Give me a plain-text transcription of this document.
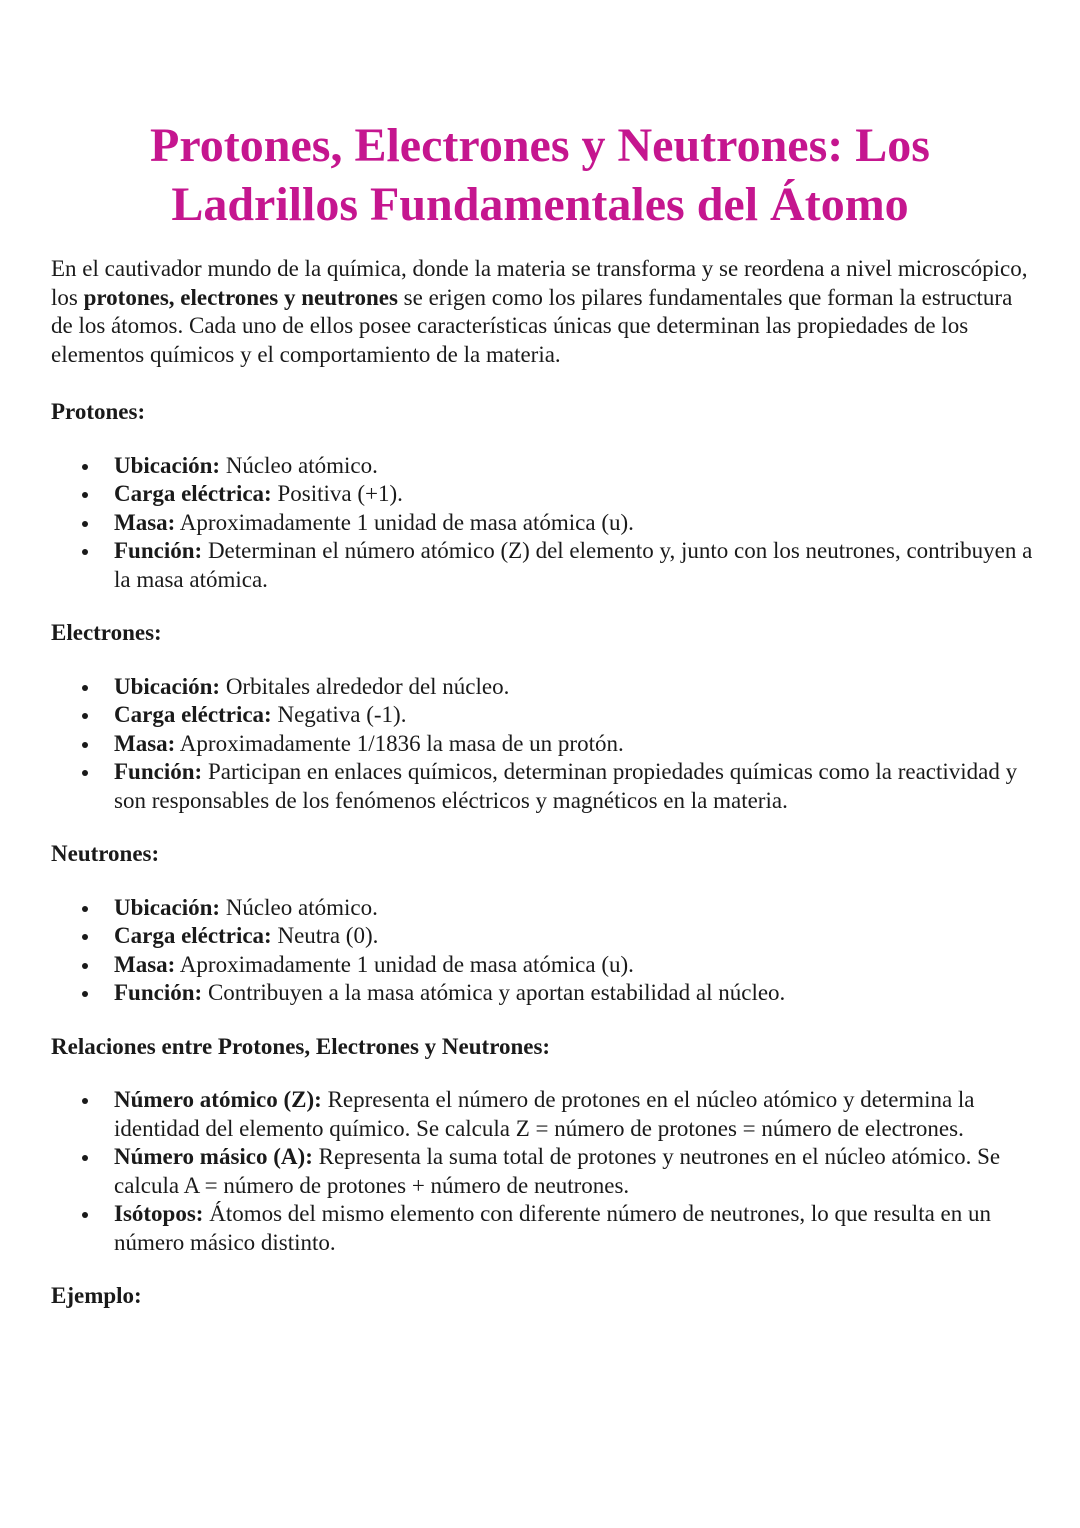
Protones, Electrones y Neutrones: Los Ladrillos Fundamentales del Átomo

En el cautivador mundo de la química, donde la materia se transforma y se reordena a nivel microscópico, los protones, electrones y neutrones se erigen como los pilares fundamentales que forman la estructura de los átomos. Cada uno de ellos posee características únicas que determinan las propiedades de los elementos químicos y el comportamiento de la materia.

Protones:

Ubicación: Núcleo atómico.
Carga eléctrica: Positiva (+1).
Masa: Aproximadamente 1 unidad de masa atómica (u).
Función: Determinan el número atómico (Z) del elemento y, junto con los neutrones, contribuyen a la masa atómica.

Electrones:

Ubicación: Orbitales alrededor del núcleo.
Carga eléctrica: Negativa (-1).
Masa: Aproximadamente 1/1836 la masa de un protón.
Función: Participan en enlaces químicos, determinan propiedades químicas como la reactividad y son responsables de los fenómenos eléctricos y magnéticos en la materia.

Neutrones:

Ubicación: Núcleo atómico.
Carga eléctrica: Neutra (0).
Masa: Aproximadamente 1 unidad de masa atómica (u).
Función: Contribuyen a la masa atómica y aportan estabilidad al núcleo.

Relaciones entre Protones, Electrones y Neutrones:

Número atómico (Z): Representa el número de protones en el núcleo atómico y determina la identidad del elemento químico. Se calcula Z = número de protones = número de electrones.
Número másico (A): Representa la suma total de protones y neutrones en el núcleo atómico. Se calcula A = número de protones + número de neutrones.
Isótopos: Átomos del mismo elemento con diferente número de neutrones, lo que resulta en un número másico distinto.

Ejemplo:
